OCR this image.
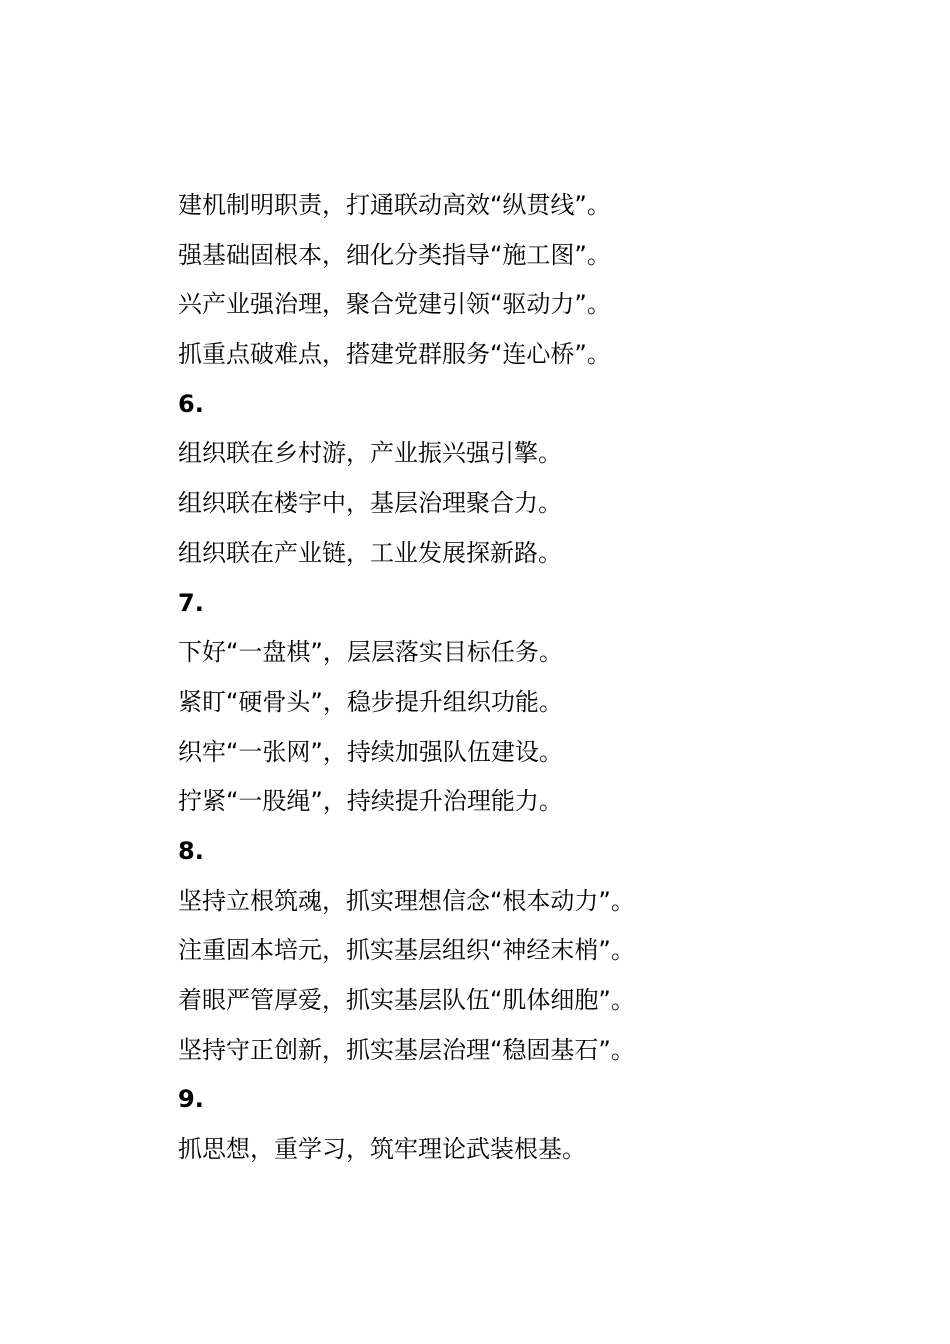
建机制明职责，打通联动高效“纵贯线”。
强基础固根本，细化分类指导“施工图”。
兴产业强治理，聚合党建引领“驱动力”。
抓重点破难点，搭建党群服务“连心桥”。
6.
组织联在乡村游，产业振兴强引擎。
组织联在楼宇中，基层治理聚合力。
组织联在产业链，工业发展探新路。
7.
下好“一盘棋”，层层落实目标任务。
紧盯“硬骨头”，稳步提升组织功能。
织牢“一张网”，持续加强队伍建设。
拧紧“一股绳”，持续提升治理能力。
8.
坚持立根筑魂，抓实理想信念“根本动力”。
注重固本培元，抓实基层组织“神经末梢”。
着眼严管厚爱，抓实基层队伍“肌体细胞”。
坚持守正创新，抓实基层治理“稳固基石”。
9.
抓思想，重学习，筑牢理论武装根基。
